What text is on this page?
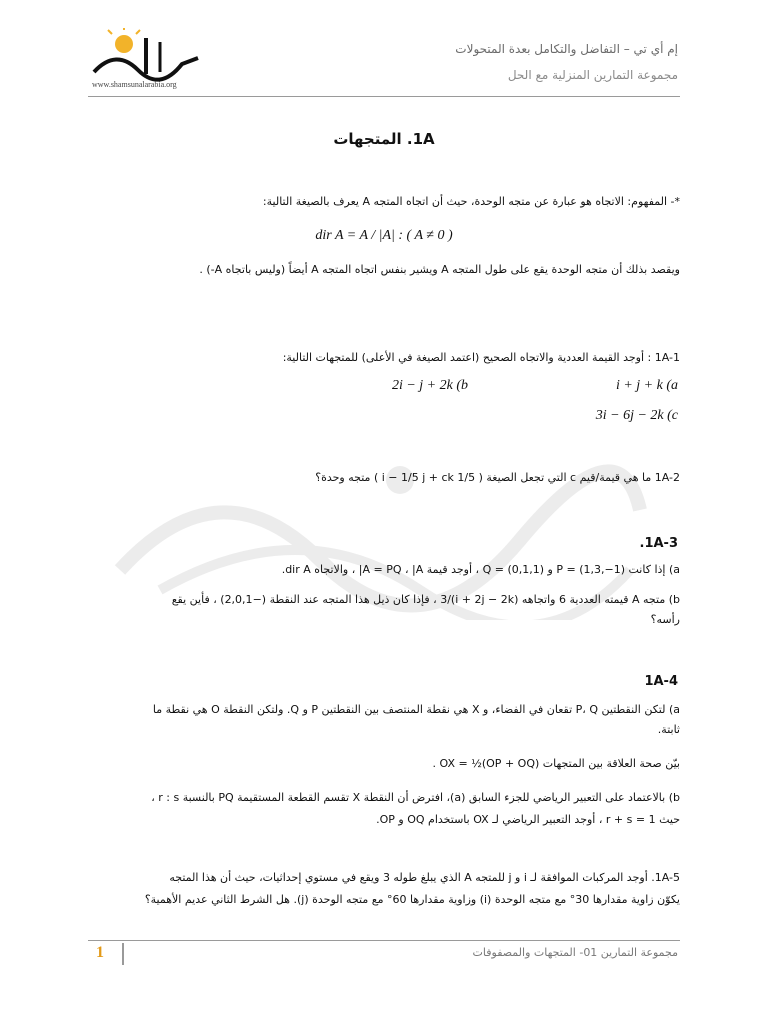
www.shamsunalarabia.org
إم أي تي – التفاضل والتكامل بعدة المتحولات
مجموعة التمارين المنزلية مع الحل
1A. المتجهات
*- المفهوم: الاتجاه هو عبارة عن متجه الوحدة، حيث أن اتجاه المتجه A يعرف بالصيغة التالية:
dir A = A / |A| : ( A ≠ 0 )
ويقصد بذلك أن متجه الوحدة يقع على طول المتجه A ويشير بنفس اتجاه المتجه A أيضاً (وليس باتجاه A-) .
1A-1 : أوجد القيمة العددية والاتجاه الصحيح (اعتمد الصيغة في الأعلى) للمتجهات التالية:
i + j + k (a
2i − j + 2k (b
3i − 6j − 2k (c
1A-2 ما هي قيمة/قيم c التي تجعل الصيغة ( 1/5 i − 1/5 j + ck ) متجه وحدة؟
1A-3.
a) إذا كانت P = (1,3,−1) و Q = (0,1,1) ، أوجد قيمة A = PQ ، |A| ، والاتجاه dir A.
b) متجه A قيمته العددية 6 واتجاهه (i + 2j − 2k)/3 ، فإذا كان ذيل هذا المتجه عند النقطة (−2,0,1) ، فأين يقع
رأسه؟
1A-4
a) لتكن النقطتين P، Q تقعان في الفضاء، و X هي نقطة المنتصف بين النقطتين P و Q. ولتكن النقطة O هي نقطة ما
ثابتة.
بيّن صحة العلاقة بين المتجهات OX = ½(OP + OQ) .
b) بالاعتماد على التعبير الرياضي للجزء السابق (a)، افترض أن النقطة X تقسم القطعة المستقيمة PQ بالنسبة r : s ،
حيث r + s = 1 ، أوجد التعبير الرياضي لـ OX باستخدام OQ و OP.
1A-5. أوجد المركبات الموافقة لـ i و j للمتجه A الذي يبلغ طوله 3 ويقع في مستوي إحداثيات، حيث أن هذا المتجه
يكوّن زاوية مقدارها 30° مع متجه الوحدة (i) وزاوية مقدارها 60° مع متجه الوحدة (j). هل الشرط الثاني عديم الأهمية؟
1	مجموعة التمارين 01- المتجهات والمصفوفات
